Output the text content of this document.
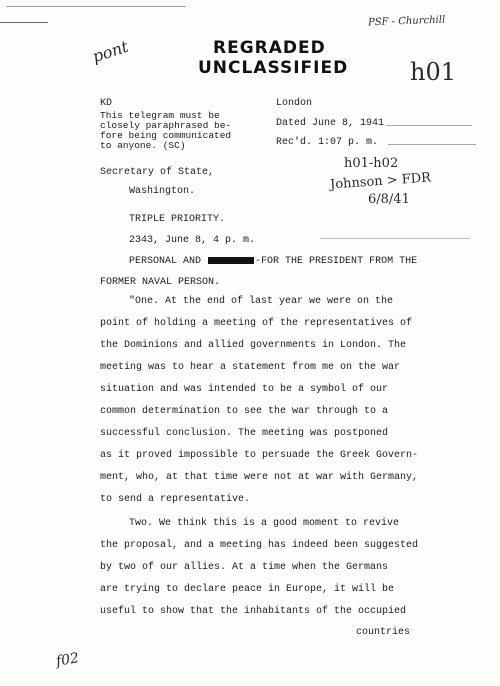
pont
PSF - Churchill
h01
h01-h02
Johnson > FDR
6/8/41
f02
REGRADED
UNCLASSIFIED
KD
This telegram must be
closely paraphrased be-
fore being communicated
to anyone. (SC)
London
Dated June 8, 1941
Rec'd. 1:07 p. m.
Secretary of State,
Washington.
TRIPLE PRIORITY.
2343, June 8, 4 p. m.
PERSONAL AND	-FOR THE PRESIDENT FROM THE
FORMER NAVAL PERSON.
"One. At the end of last year we were on the
point of holding a meeting of the representatives of
the Dominions and allied governments in London. The
meeting was to hear a statement from me on the war
situation and was intended to be a symbol of our
common determination to see the war through to a
successful conclusion. The meeting was postponed
as it proved impossible to persuade the Greek Govern-
ment, who, at that time were not at war with Germany,
to send a representative.
Two. We think this is a good moment to revive
the proposal, and a meeting has indeed been suggested
by two of our allies. At a time when the Germans
are trying to declare peace in Europe, it will be
useful to show that the inhabitants of the occupied
countries
